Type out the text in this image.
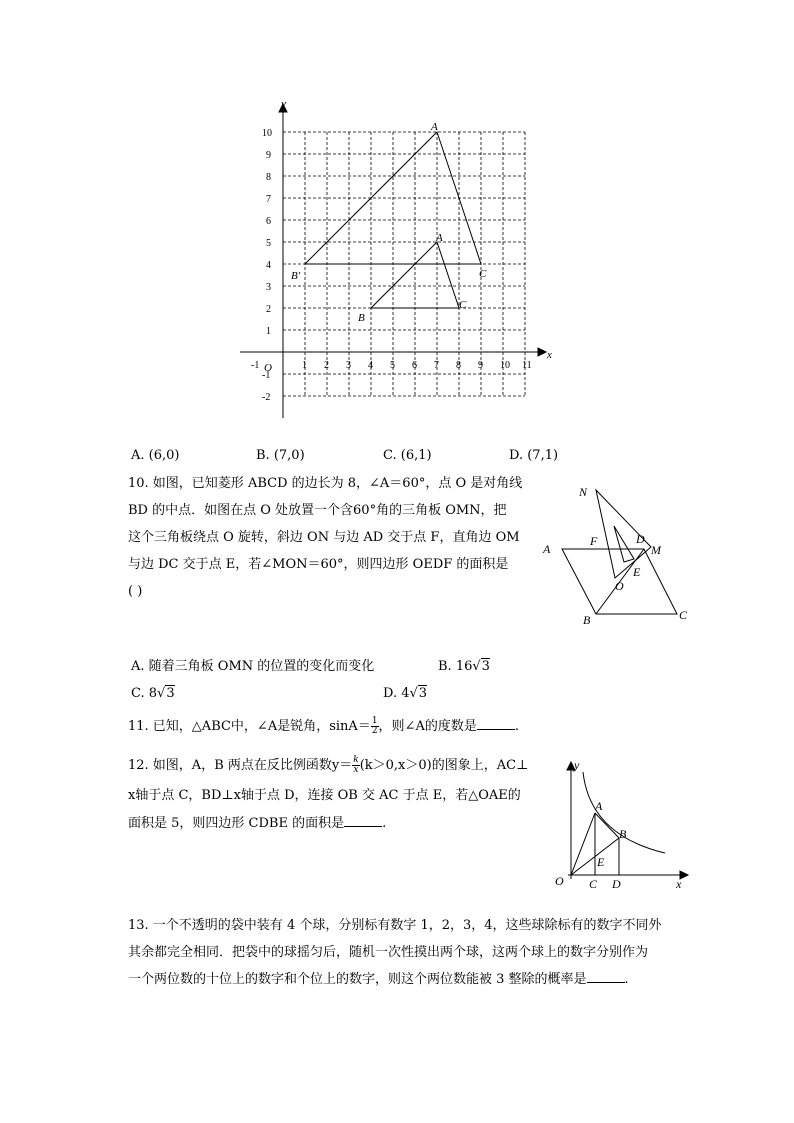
-1	1 2 3 4 5 6 7 8 9 10 11
10
9
8
7
6
5
4
3
2
1
-1
-2
y
x
O
A
B'	C
A
B
C
A. (6,0)	B. (7,0)	C. (6,1)	D. (7,1)
10. 如图，已知菱形 ABCD 的边长为 8，∠A＝60°，点 O 是对角线
BD 的中点．如图在点 O 处放置一个含60°角的三角板 OMN，把
这个三角板绕点 O 旋转，斜边 ON 与边 AD 交于点 F，直角边 OM
与边 DC 交于点 E，若∠MON＝60°，则四边形 OEDF 的面积是
( )
N
A
F	D
M
E
O
B	C
A. 随着三角板 OMN 的位置的变化而变化	B. 16√3
C. 8√3	D. 4√3
11. 已知，△ABC中，∠A是锐角，$\sin A= \frac{1}{2}$ ，则∠A的度数是	.
12. 如图，A，B 两点在反比例函数$y= \frac{k}{x} (k>0,x>0)$的图象上，AC⊥
x轴于点 C，BD⊥x轴于点 D，连接 OB 交 AC 于点 E，若△OAE的
面积是 5，则四边形 CDBE 的面积是	.
y
x
O
A
B
C D
E
13. 一个不透明的袋中装有 4 个球，分别标有数字 1，2，3，4，这些球除标有的数字不同外
其余都完全相同．把袋中的球摇匀后，随机一次性摸出两个球，这两个球上的数字分别作为
一个两位数的十位上的数字和个位上的数字，则这个两位数能被 3 整除的概率是	.
